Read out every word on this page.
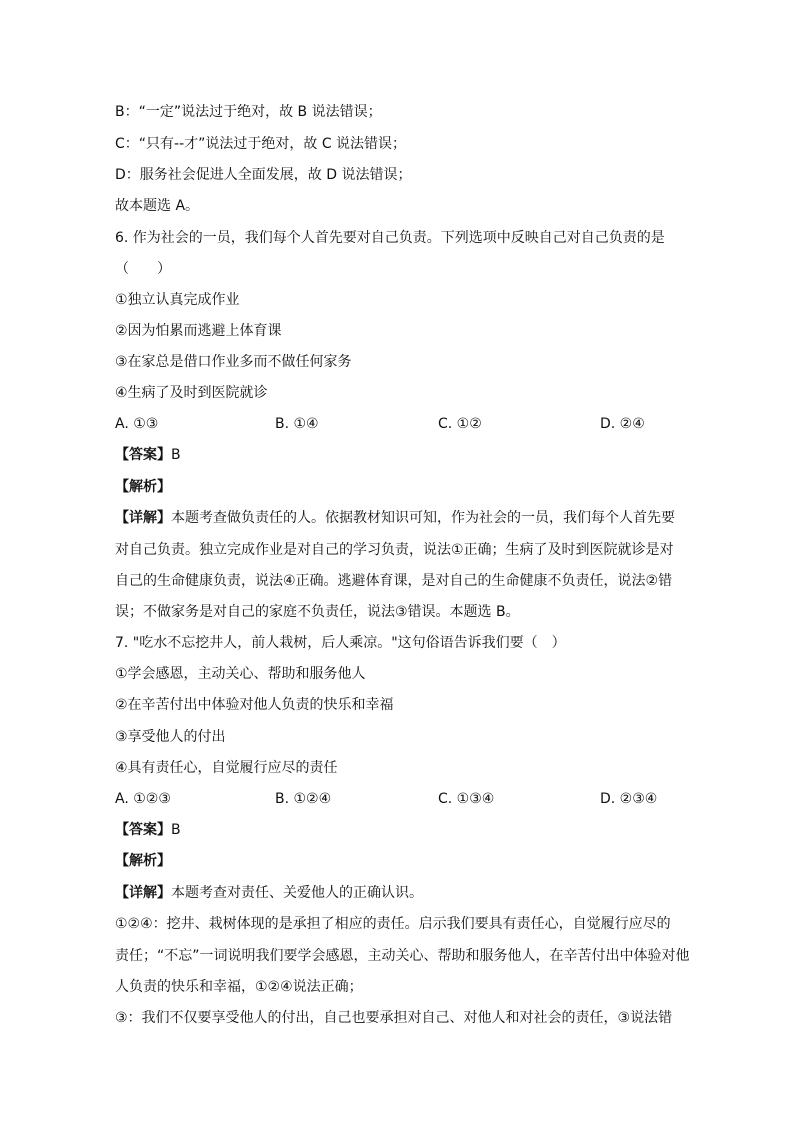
B：“一定”说法过于绝对，故 B 说法错误；
C：“只有--才”说法过于绝对，故 C 说法错误；
D：服务社会促进人全面发展，故 D 说法错误；
故本题选 A。
6. 作为社会的一员，我们每个人首先要对自己负责。下列选项中反映自己对自己负责的是
（　　）
①独立认真完成作业
②因为怕累而逃避上体育课
③在家总是借口作业多而不做任何家务
④生病了及时到医院就诊
A. ①③	B. ①④	C. ①②	D. ②④
【答案】B
【解析】
【详解】本题考查做负责任的人。依据教材知识可知，作为社会的一员，我们每个人首先要
对自己负责。独立完成作业是对自己的学习负责，说法①正确；生病了及时到医院就诊是对
自己的生命健康负责，说法④正确。逃避体育课，是对自己的生命健康不负责任，说法②错
误；不做家务是对自己的家庭不负责任，说法③错误。本题选 B。
7. "吃水不忘挖井人，前人栽树，后人乘凉。"这句俗语告诉我们要（　）
①学会感恩，主动关心、帮助和服务他人
②在辛苦付出中体验对他人负责的快乐和幸福
③享受他人的付出
④具有责任心，自觉履行应尽的责任
A. ①②③	B. ①②④	C. ①③④	D. ②③④
【答案】B
【解析】
【详解】本题考查对责任、关爱他人的正确认识。
①②④：挖井、栽树体现的是承担了相应的责任。启示我们要具有责任心，自觉履行应尽的
责任；“不忘”一词说明我们要学会感恩，主动关心、帮助和服务他人，在辛苦付出中体验对他
人负责的快乐和幸福，①②④说法正确；
③：我们不仅要享受他人的付出，自己也要承担对自己、对他人和对社会的责任，③说法错
